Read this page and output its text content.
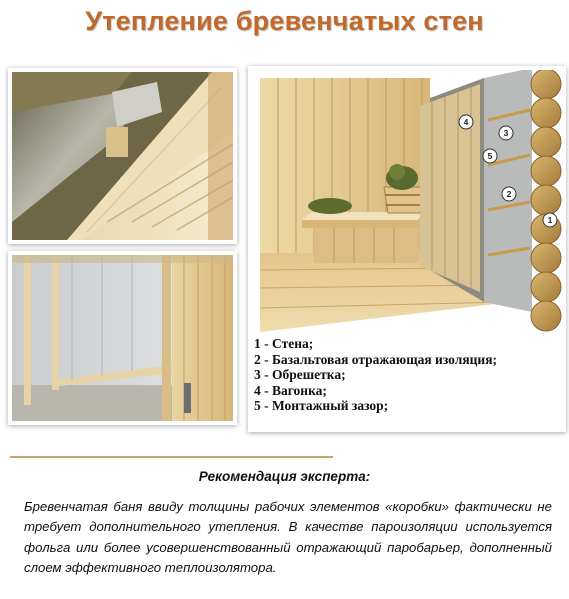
Утепление бревенчатых стен
4
3
5
2
1
1 - Стена;
2 - Базальтовая отражающая изоляция;
3 - Обрешетка;
4 - Вагонка;
5 - Монтажный зазор;
Рекомендация эксперта:
Бревенчатая баня ввиду толщины рабочих элементов «коробки» фактически не требует дополнительного утепления. В качестве пароизоляции используется фольга или более усовершенствованный отражающий паробарьер, дополненный слоем эффективного теплоизолятора.
